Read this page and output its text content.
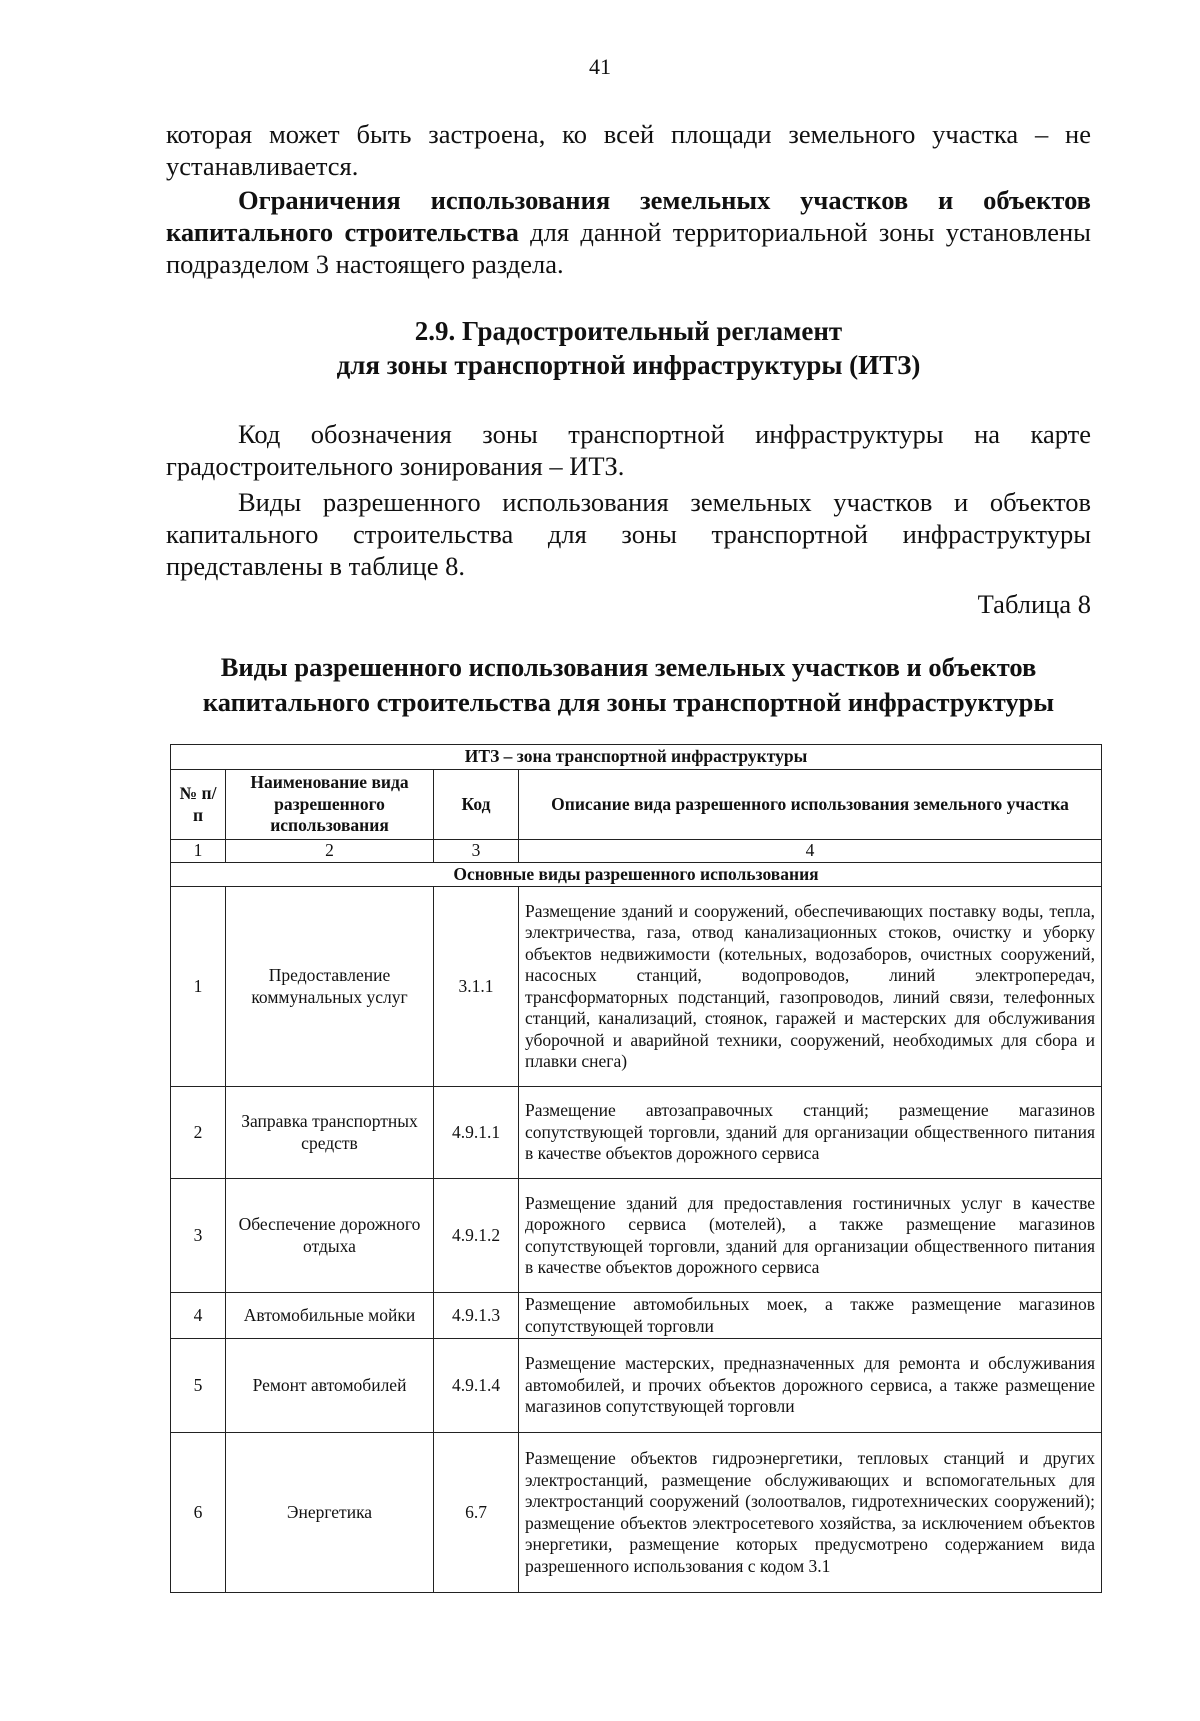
41

которая может быть застроена, ко всей площади земельного участка – не устанавливается.

Ограничения использования земельных участков и объектов капитального строительства для данной территориальной зоны установлены подразделом 3 настоящего раздела.

2.9. Градостроительный регламент
для зоны транспортной инфраструктуры (ИТЗ)

Код обозначения зоны транспортной инфраструктуры на карте градостроительного зонирования – ИТЗ.

Виды разрешенного использования земельных участков и объектов капитального строительства для зоны транспортной инфраструктуры представлены в таблице 8.

Таблица 8
Виды разрешенного использования земельных участков и объектов
капитального строительства для зоны транспортной инфраструктуры
ИТЗ – зона транспортной инфраструктуры			
№ п/п	Наименование вида разрешенного использования	Код	Описание вида разрешенного использования земельного участка
1	2	3	4
Основные виды разрешенного использования			
1	Предоставление коммунальных услуг	3.1.1	Размещение зданий и сооружений, обеспечивающих поставку воды, тепла, электричества, газа, отвод канализационных стоков, очистку и уборку объектов недвижимости (котельных, водозаборов, очистных сооружений, насосных станций, водопроводов, линий электропередач, трансформаторных подстанций, газопроводов, линий связи, телефонных станций, канализаций, стоянок, гаражей и мастерских для обслуживания уборочной и аварийной техники, сооружений, необходимых для сбора и плавки снега)
2	Заправка транспортных средств	4.9.1.1	Размещение автозаправочных станций; размещение магазинов сопутствующей торговли, зданий для организации общественного питания в качестве объектов дорожного сервиса
3	Обеспечение дорожного отдыха	4.9.1.2	Размещение зданий для предоставления гостиничных услуг в качестве дорожного сервиса (мотелей), а также размещение магазинов сопутствующей торговли, зданий для организации общественного питания в качестве объектов дорожного сервиса
4	Автомобильные мойки	4.9.1.3	Размещение автомобильных моек, а также размещение магазинов сопутствующей торговли
5	Ремонт автомобилей	4.9.1.4	Размещение мастерских, предназначенных для ремонта и обслуживания автомобилей, и прочих объектов дорожного сервиса, а также размещение магазинов сопутствующей торговли
6	Энергетика	6.7	Размещение объектов гидроэнергетики, тепловых станций и других электростанций, размещение обслуживающих и вспомогательных для электростанций сооружений (золоотвалов, гидротехнических сооружений); размещение объектов электросетевого хозяйства, за исключением объектов энергетики, размещение которых предусмотрено содержанием вида разрешенного использования с кодом 3.1
